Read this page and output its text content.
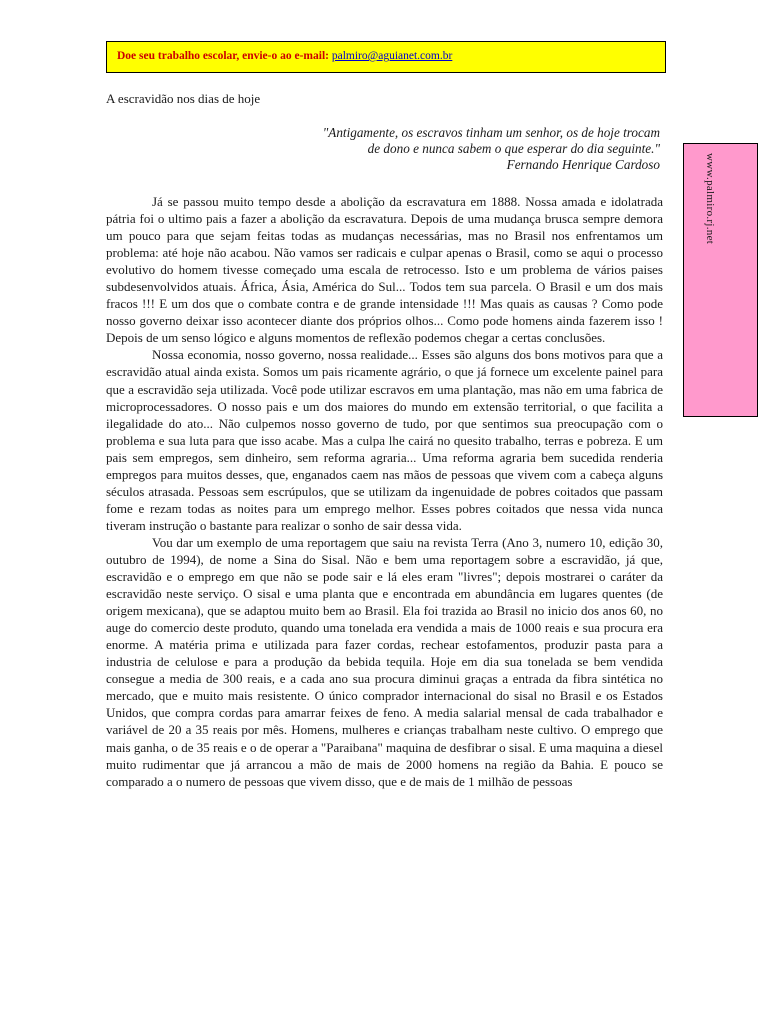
Doe seu trabalho escolar, envie-o ao e-mail: palmiro@aguianet.com.br
A escravidão nos dias de hoje
"Antigamente, os escravos tinham um senhor, os de hoje trocam
de dono e nunca sabem o que esperar do dia seguinte."
Fernando Henrique Cardoso	www.palmiro.rj.net

Já se passou muito tempo desde a abolição da escravatura em 1888. Nossa amada e idolatrada pátria foi o ultimo pais a fazer a abolição da escravatura. Depois de uma mudança brusca sempre demora um pouco para que sejam feitas todas as mudanças necessárias, mas no Brasil nos enfrentamos um problema: até hoje não acabou. Não vamos ser radicais e culpar apenas o Brasil, como se aqui o processo evolutivo do homem tivesse começado uma escala de retrocesso. Isto e um problema de vários paises subdesenvolvidos atuais. África, Ásia, América do Sul... Todos tem sua parcela. O Brasil e um dos mais fracos !!! E um dos que o combate contra e de grande intensidade !!! Mas quais as causas ? Como pode nosso governo deixar isso acontecer diante dos próprios olhos... Como pode homens ainda fazerem isso ! Depois de um senso lógico e alguns momentos de reflexão podemos chegar a certas conclusões.

Nossa economia, nosso governo, nossa realidade... Esses são alguns dos bons motivos para que a escravidão atual ainda exista. Somos um pais ricamente agrário, o que já fornece um excelente painel para que a escravidão seja utilizada. Você pode utilizar escravos em uma plantação, mas não em uma fabrica de microprocessadores. O nosso pais e um dos maiores do mundo em extensão territorial, o que facilita a ilegalidade do ato... Não culpemos nosso governo de tudo, por que sentimos sua preocupação com o problema e sua luta para que isso acabe. Mas a culpa lhe cairá no quesito trabalho, terras e pobreza. E um pais sem empregos, sem dinheiro, sem reforma agraria... Uma reforma agraria bem sucedida renderia empregos para muitos desses, que, enganados caem nas mãos de pessoas que vivem com a cabeça alguns séculos atrasada. Pessoas sem escrúpulos, que se utilizam da ingenuidade de pobres coitados que passam fome e rezam todas as noites para um emprego melhor. Esses pobres coitados que nessa vida nunca tiveram instrução o bastante para realizar o sonho de sair dessa vida.

Vou dar um exemplo de uma reportagem que saiu na revista Terra (Ano 3, numero 10, edição 30, outubro de 1994), de nome a Sina do Sisal. Não e bem uma reportagem sobre a escravidão, já que, escravidão e o emprego em que não se pode sair e lá eles eram "livres"; depois mostrarei o caráter da escravidão neste serviço. O sisal e uma planta que e encontrada em abundância em lugares quentes (de origem mexicana), que se adaptou muito bem ao Brasil. Ela foi trazida ao Brasil no inicio dos anos 60, no auge do comercio deste produto, quando uma tonelada era vendida a mais de 1000 reais e sua procura era enorme. A matéria prima e utilizada para fazer cordas, rechear estofamentos, produzir pasta para a industria de celulose e para a produção da bebida tequila. Hoje em dia sua tonelada se bem vendida consegue a media de 300 reais, e a cada ano sua procura diminui graças a entrada da fibra sintética no mercado, que e muito mais resistente. O único comprador internacional do sisal no Brasil e os Estados Unidos, que compra cordas para amarrar feixes de feno. A media salarial mensal de cada trabalhador e variável de 20 a 35 reais por mês. Homens, mulheres e crianças trabalham neste cultivo. O emprego que mais ganha, o de 35 reais e o de operar a "Paraibana" maquina de desfibrar o sisal. E uma maquina a diesel muito rudimentar que já arrancou a mão de mais de 2000 homens na região da Bahia. E pouco se comparado a o numero de pessoas que vivem disso, que e de mais de 1 milhão de pessoas
